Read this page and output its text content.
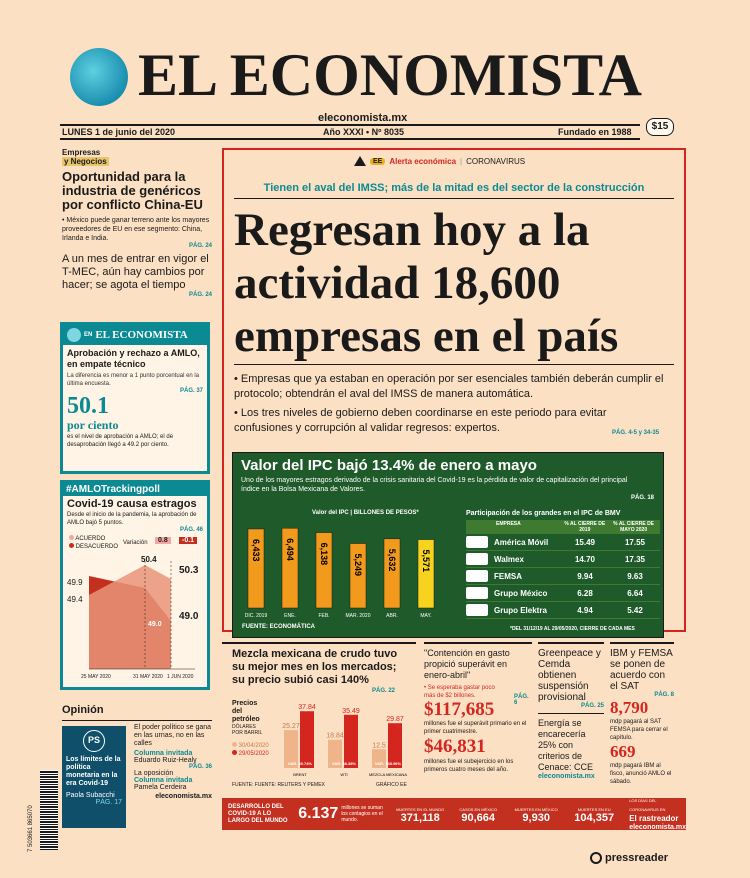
EL ECONOMISTA
eleconomista.mx
LUNES 1 de junio del 2020	Año XXXI • Nº 8035	Fundado en 1988	$15
Empresas
y Negocios
Oportunidad para la industria de genéricos por conflicto China-EU
• México puede ganar terreno ante los mayores proveedores de EU en ese segmento: China, Irlanda e India.
PÁG. 24
A un mes de entrar en vigor el T-MEC, aún hay cambios por hacer; se agota el tiempo
PÁG. 24
EN EL ECONOMISTA
Aprobación y rechazo a AMLO, en empate técnico
La diferencia es menor a 1 punto porcentual en la última encuesta.
PÁG. 37
50.1
por ciento
es el nivel de aprobación a AMLO; el de desaprobación llegó a 49.2 por ciento.
#AMLOTrackingpoll
Covid-19 causa estragos
Desde el inicio de la pandemia, la aprobación de AMLO bajó 5 puntos.
PÁG. 46
ACUERDO
DESACUERDO
Variación	0.8	-0.1
49.9
49.4
50.4
49.0
50.3
49.0
25 MAY 2020	31 MAY 2020 1 JUN 2020
Opinión
PS
Los límites de la política monetaria en la era Covid-19
Paola Subacchi
PÁG. 17
El poder político se gana en las urnas, no en las calles
Columna invitada
Eduardo Ruiz-Healy
PÁG. 36
La oposición
Columna invitada
Pamela Cerdeira
eleconomista.mx
7 503661 865070
EE Alerta económica | CORONAVIRUS
Tienen el aval del IMSS; más de la mitad es del sector de la construcción
Regresan hoy a la
actividad 18,600
empresas en el país
• Empresas que ya estaban en operación por ser esenciales también deberán cumplir el protocolo; obtendrán el aval del IMSS de manera automática.
• Los tres niveles de gobierno deben coordinarse en este periodo para evitar confusiones y corrupción al validar regresos: expertos.	PÁG. 4-5 y 34-35
Valor del IPC bajó 13.4% de enero a mayo
Uno de los mayores estragos derivado de la crisis sanitaria del Covid-19 es la pérdida de valor de capitalización del principal índice en la Bolsa Mexicana de Valores.
PÁG. 18
Valor del IPC | BILLONES DE PESOS*
6,433
DIC. 2019
6,494
ENE.
6,138
FEB.
5,249
MAR. 2020
5,632
ABR.
5,571
MAY.
FUENTE: ECONOMÁTICA
Participación de los grandes en el IPC de BMV
EMPRESA	% AL CIERRE DE 2019
% AL CIERRE DE MAYO 2020
América Móvil	15.49	17.55
Walmex	14.70	17.35
FEMSA	9.94	9.63
Grupo México	6.28	6.64
Grupo Elektra	4.94	5.42
*DEL 31/12/19 AL 29/05/2020, CIERRE DE CADA MES
Mezcla mexicana de crudo tuvo su mejor mes en los mercados; su precio subió casi 140%
PÁG. 22
Precios del petróleo
DÓLARES POR BARRIL
30/04/2020
29/05/2020
25.27
37.84
VAR. 49.74%
BRENT
18.84
35.49
VAR. 88.38%
WTI
12.5
29.87
VAR. 138.96%
MEZCLA MEXICANA
FUENTE: FUENTE: REUTERS Y PEMEX	GRÁFICO EE
"Contención en gasto propició superávit en enero-abril"
• Se esperaba gastar poco más de $2 billones.	PÁG. 6
$117,685
millones fue el superávit primario en el primer cuatrimestre.
$46,831
millones fue el subejercicio en los primeros cuatro meses del año.
Greenpeace y Cemda obtienen suspensión provisional
PÁG. 25
Energía se encarecería 25% con criterios de Cenace: CCE
eleconomista.mx
IBM y FEMSA se ponen de acuerdo con el SAT
PÁG. 8
8,790
mdp pagará al SAT FEMSA para cerrar el capítulo.
669
mdp pagará IBM al fisco, anunció AMLO el sábado.
DESARROLLO DEL COVID-19 A LO LARGO DEL MUNDO 6.137 millones se suman los contagios en el mundo.
MUERTES EN EL MUNDO
371,118
CASOS EN MÉXICO
90,664
MUERTES EN MÉXICO
9,930
MUERTES EN EU
104,357
LOS DÍAS DEL CORONAVIRUS EN
El rastreador
eleconomista.mx
pressreader
